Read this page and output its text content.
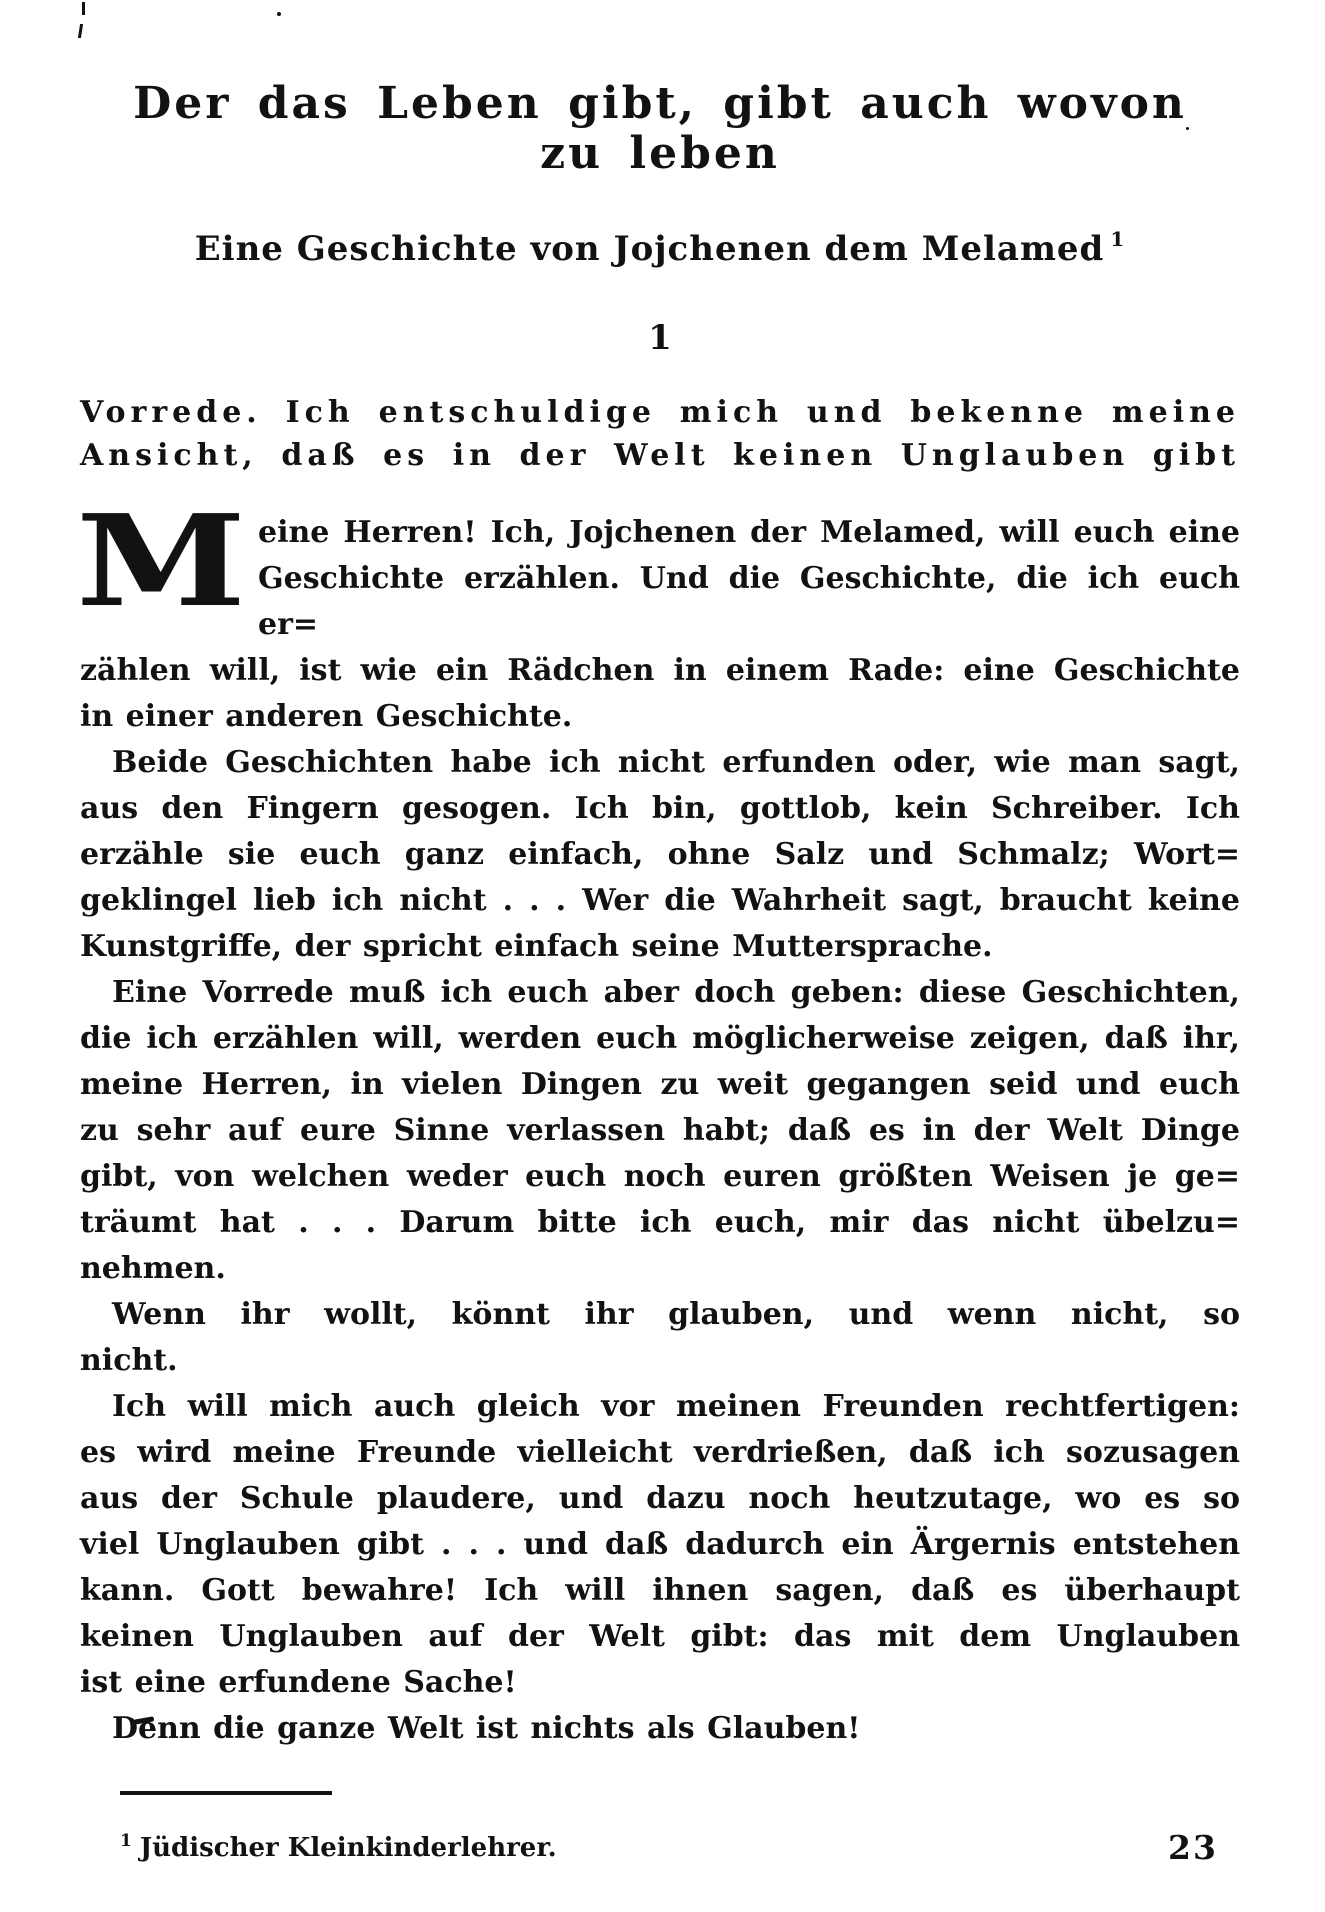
Der das Leben gibt, gibt auch wovon
zu leben
Eine Geschichte von Jojchenen dem Melamed $^1$
1
Vorrede. Ich entschuldige mich und bekenne meine
Ansicht, daß es in der Welt keinen Unglauben gibt
M eine Herren! Ich, Jojchenen der Melamed, will euch eine
Geschichte erzählen. Und die Geschichte, die ich euch er=
zählen will, ist wie ein Rädchen in einem Rade: eine Geschichte
in einer anderen Geschichte.
Beide Geschichten habe ich nicht erfunden oder, wie man sagt,
aus den Fingern gesogen. Ich bin, gottlob, kein Schreiber. Ich
erzähle sie euch ganz einfach, ohne Salz und Schmalz; Wort=
geklingel lieb ich nicht . . . Wer die Wahrheit sagt, braucht keine
Kunstgriffe, der spricht einfach seine Muttersprache.
Eine Vorrede muß ich euch aber doch geben: diese Geschichten,
die ich erzählen will, werden euch möglicherweise zeigen, daß ihr,
meine Herren, in vielen Dingen zu weit gegangen seid und euch
zu sehr auf eure Sinne verlassen habt; daß es in der Welt Dinge
gibt, von welchen weder euch noch euren größten Weisen je ge=
träumt hat . . . Darum bitte ich euch, mir das nicht übelzu=
nehmen.
Wenn ihr wollt, könnt ihr glauben, und wenn nicht, so
nicht.
Ich will mich auch gleich vor meinen Freunden rechtfertigen:
es wird meine Freunde vielleicht verdrießen, daß ich sozusagen
aus der Schule plaudere, und dazu noch heutzutage, wo es so
viel Unglauben gibt . . . und daß dadurch ein Ärgernis entstehen
kann. Gott bewahre! Ich will ihnen sagen, daß es überhaupt
keinen Unglauben auf der Welt gibt: das mit dem Unglauben
ist eine erfundene Sache!
Denn die ganze Welt ist nichts als Glauben!
$^1$ Jüdischer Kleinkinderlehrer.	23
